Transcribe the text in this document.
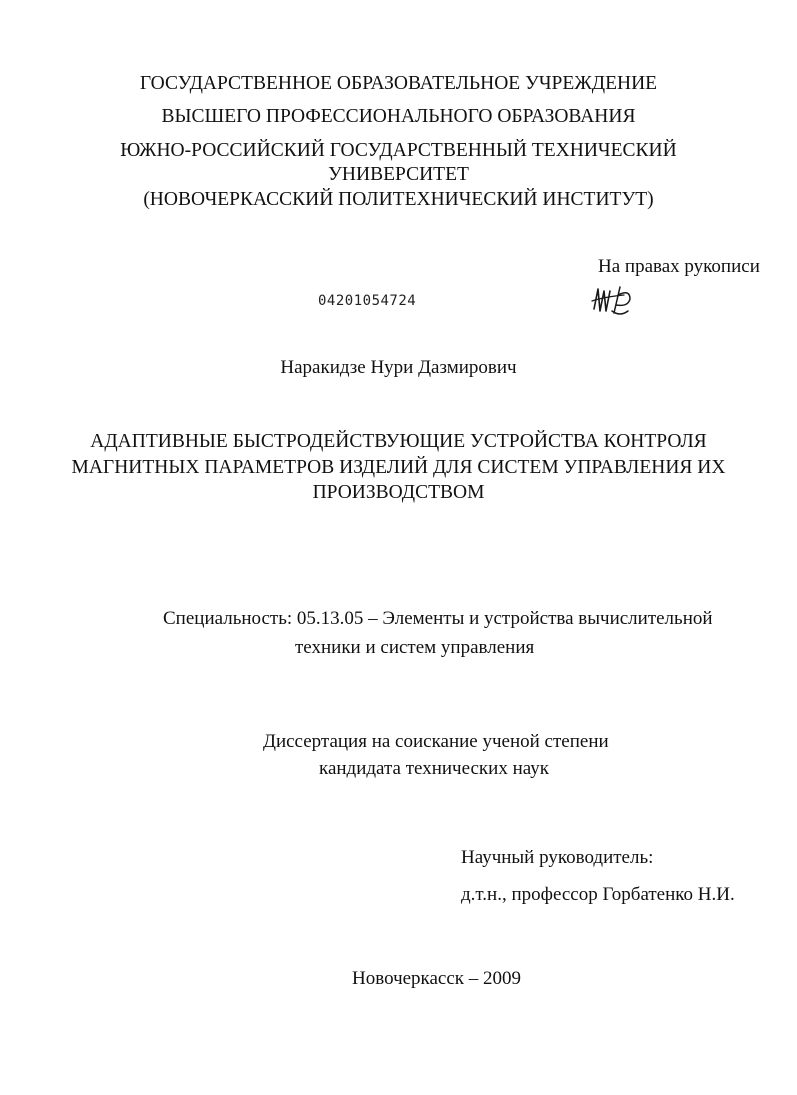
ГОСУДАРСТВЕННОЕ ОБРАЗОВАТЕЛЬНОЕ УЧРЕЖДЕНИЕ
ВЫСШЕГО ПРОФЕССИОНАЛЬНОГО ОБРАЗОВАНИЯ
ЮЖНО-РОССИЙСКИЙ ГОСУДАРСТВЕННЫЙ ТЕХНИЧЕСКИЙ
УНИВЕРСИТЕТ
(НОВОЧЕРКАССКИЙ ПОЛИТЕХНИЧЕСКИЙ ИНСТИТУТ)
На правах рукописи
04201054724
Наракидзе Нури Дазмирович
АДАПТИВНЫЕ БЫСТРОДЕЙСТВУЮЩИЕ УСТРОЙСТВА КОНТРОЛЯ
МАГНИТНЫХ ПАРАМЕТРОВ ИЗДЕЛИЙ ДЛЯ СИСТЕМ УПРАВЛЕНИЯ ИХ
ПРОИЗВОДСТВОМ
Специальность: 05.13.05 – Элементы и устройства вычислительной
техники и систем управления
Диссертация на соискание ученой степени
кандидата технических наук
Научный руководитель:
д.т.н., профессор Горбатенко Н.И.
Новочеркасск – 2009
